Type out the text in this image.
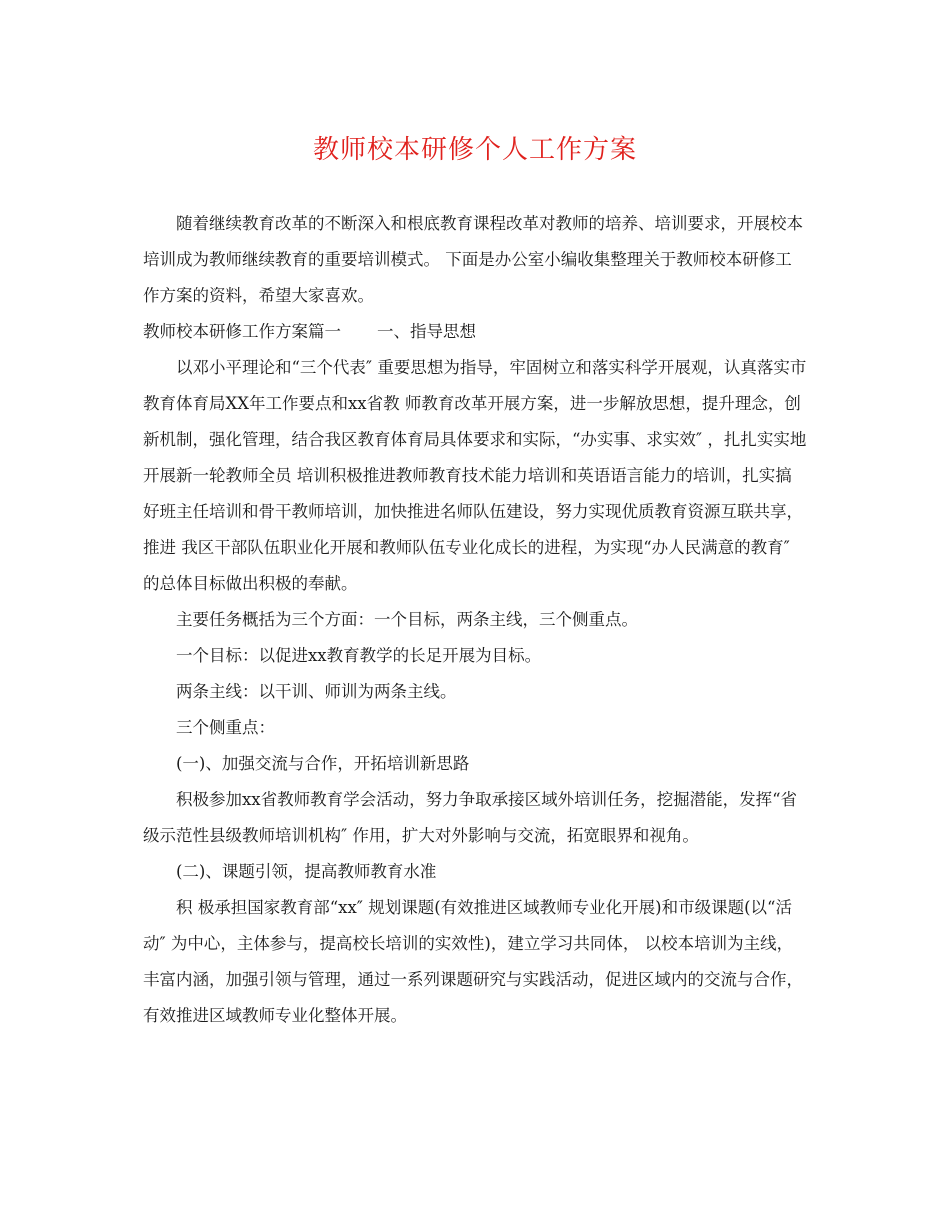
教师校本研修个人工作方案

随着继续教育改革的不断深入和根底教育课程改革对教师的培养、培训要求，开展校本培训成为教师继续教育的重要培训模式。 下面是办公室小编收集整理关于教师校本研修工作方案的资料，希望大家喜欢。

教师校本研修工作方案篇一 一、指导思想

以邓小平理论和“三个代表″ 重要思想为指导，牢固树立和落实科学开展观，认真落实市教育体育局XX年工作要点和xx省教 师教育改革开展方案，进一步解放思想，提升理念，创新机制，强化管理，结合我区教育体育局具体要求和实际，“办实事、求实效″ ，扎扎实实地开展新一轮教师全员 培训积极推进教师教育技术能力培训和英语语言能力的培训，扎实搞好班主任培训和骨干教师培训，加快推进名师队伍建设，努力实现优质教育资源互联共享，推进 我区干部队伍职业化开展和教师队伍专业化成长的进程，为实现“办人民满意的教育″ 的总体目标做出积极的奉献。

主要任务概括为三个方面：一个目标，两条主线，三个侧重点。

一个目标：以促进xx教育教学的长足开展为目标。

两条主线：以干训、师训为两条主线。

三个侧重点：

(一)、加强交流与合作，开拓培训新思路

积极参加xx省教师教育学会活动，努力争取承接区域外培训任务，挖掘潜能，发挥“省级示范性县级教师培训机构″ 作用，扩大对外影响与交流，拓宽眼界和视角。

(二)、课题引领，提高教师教育水准

积 极承担国家教育部“xx″ 规划课题(有效推进区域教师专业化开展)和市级课题(以“活动″ 为中心，主体参与，提高校长培训的实效性)，建立学习共同体， 以校本培训为主线，丰富内涵，加强引领与管理，通过一系列课题研究与实践活动，促进区域内的交流与合作，有效推进区域教师专业化整体开展。
